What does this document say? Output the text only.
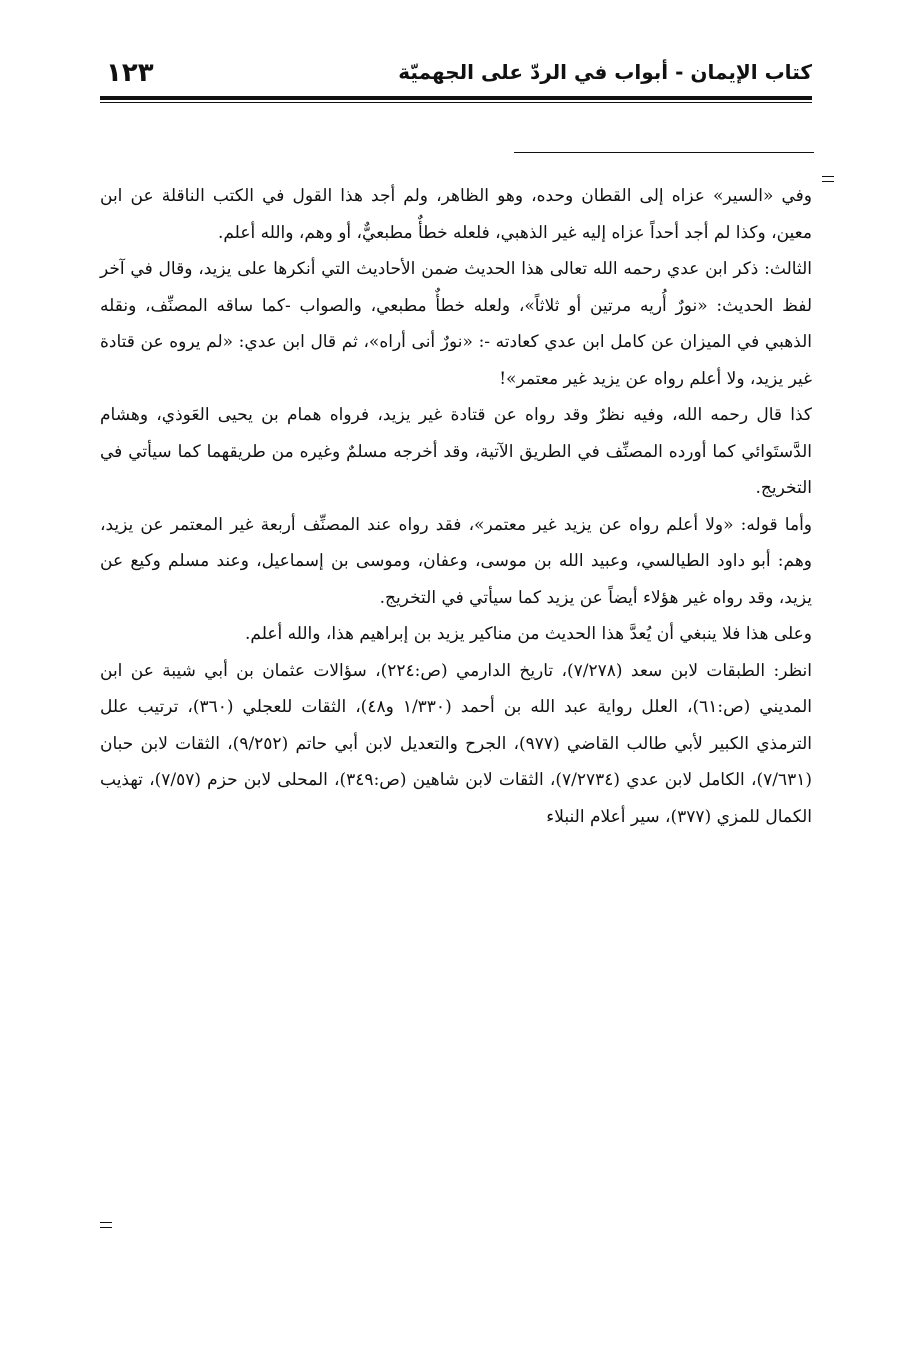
١٢٣	كتاب الإيمان - أبواب في الردّ على الجهميّة

وفي «السير» عزاه إلى القطان وحده، وهو الظاهر، ولم أجد هذا القول في الكتب الناقلة عن ابن معين، وكذا لم أجد أحداً عزاه إليه غير الذهبي، فلعله خطأٌ مطبعيٌّ، أو وهم، والله أعلم.

الثالث: ذكر ابن عدي رحمه الله تعالى هذا الحديث ضمن الأحاديث التي أنكرها على يزيد، وقال في آخر لفظ الحديث: «نورٌ أُريه مرتين أو ثلاثاً»، ولعله خطأٌ مطبعي، والصواب -كما ساقه المصنِّف، ونقله الذهبي في الميزان عن كامل ابن عدي كعادته -: «نورٌ أنى أراه»، ثم قال ابن عدي: «لم يروه عن قتادة غير يزيد، ولا أعلم رواه عن يزيد غير معتمر»!

كذا قال رحمه الله، وفيه نظرٌ وقد رواه عن قتادة غير يزيد، فرواه همام بن يحيى العَوذي، وهشام الدَّستَوائي كما أورده المصنِّف في الطريق الآتية، وقد أخرجه مسلمٌ وغيره من طريقهما كما سيأتي في التخريج.

وأما قوله: «ولا أعلم رواه عن يزيد غير معتمر»، فقد رواه عند المصنِّف أربعة غير المعتمر عن يزيد، وهم: أبو داود الطيالسي، وعبيد الله بن موسى، وعفان، وموسى بن إسماعيل، وعند مسلم وكيع عن يزيد، وقد رواه غير هؤلاء أيضاً عن يزيد كما سيأتي في التخريج.

وعلى هذا فلا ينبغي أن يُعدَّ هذا الحديث من مناكير يزيد بن إبراهيم هذا، والله أعلم.

انظر: الطبقات لابن سعد (٧/٢٧٨)، تاريخ الدارمي (ص:٢٢٤)، سؤالات عثمان بن أبي شيبة عن ابن المديني (ص:٦١)، العلل رواية عبد الله بن أحمد (١/٣٣٠ و٤٨)، الثقات للعجلي (٣٦٠)، ترتيب علل الترمذي الكبير لأبي طالب القاضي (٩٧٧)، الجرح والتعديل لابن أبي حاتم (٩/٢٥٢)، الثقات لابن حبان (٧/٦٣١)، الكامل لابن عدي (٧/٢٧٣٤)، الثقات لابن شاهين (ص:٣٤٩)، المحلى لابن حزم (٧/٥٧)، تهذيب الكمال للمزي (٣٧٧)، سير أعلام النبلاء
